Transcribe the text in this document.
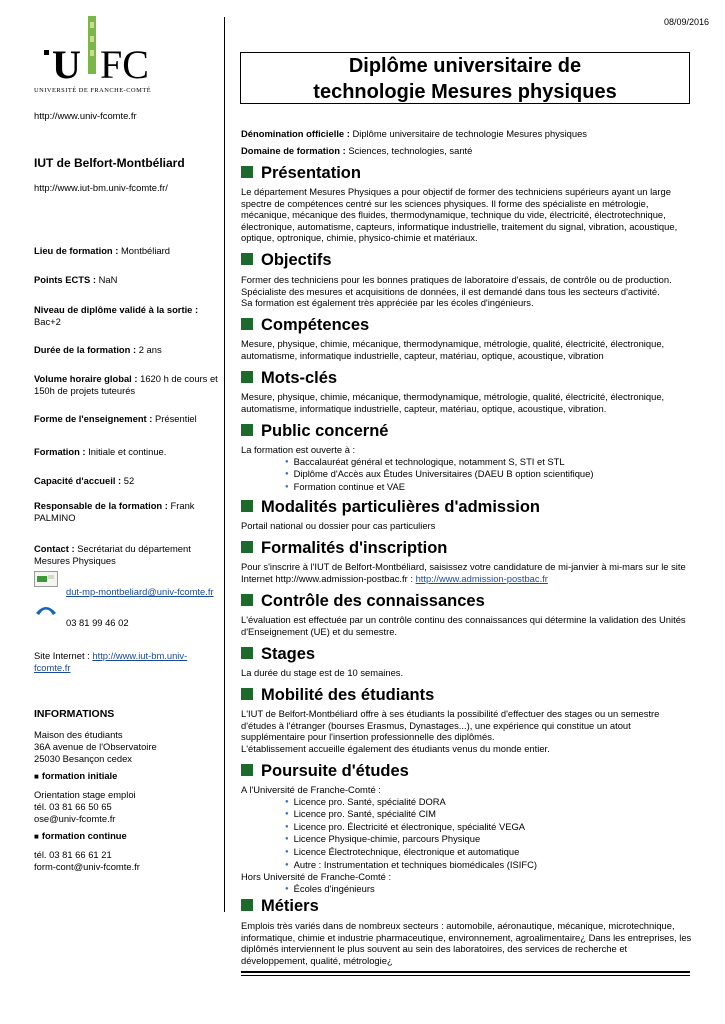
08/09/2016
U FC
UNIVERSITÉ DE FRANCHE-COMTÉ
http://www.univ-fcomte.fr
IUT de Belfort-Montbéliard
http://www.iut-bm.univ-fcomte.fr/
Lieu de formation : Montbéliard
Points ECTS : NaN
Niveau de diplôme validé à la sortie :
Bac+2
Durée de la formation : 2 ans
Volume horaire global : 1620 h de cours et 150h de projets tuteurés
Forme de l'enseignement : Présentiel
Formation : Initiale et continue.
Capacité d'accueil : 52
Responsable de la formation : Frank PALMINO
Contact : Secrétariat du département Mesures Physiques
dut-mp-montbeliard@univ-fcomte.fr
03 81 99 46 02
Site Internet : http://www.iut-bm.univ-fcomte.fr
INFORMATIONS
Maison des étudiants
36A avenue de l'Observatoire
25030 Besançon cedex
■ formation initiale
Orientation stage emploi
tél. 03 81 66 50 65
ose@univ-fcomte.fr
■ formation continue
tél. 03 81 66 61 21
form-cont@univ-fcomte.fr
Diplôme universitaire de
technologie Mesures physiques
Dénomination officielle : Diplôme universitaire de technologie Mesures physiques
Domaine de formation : Sciences, technologies, santé
Présentation
Le département Mesures Physiques a pour objectif de former des techniciens supérieurs ayant un large spectre de compétences centré sur les sciences physiques. Il forme des spécialiste en métrologie, mécanique, mécanique des fluides, thermodynamique, technique du vide, électricité, électrotechnique, électronique, automatisme, capteurs, informatique industrielle, traitement du signal, vibration, acoustique, optique, optronique, chimie, physico-chimie et matériaux.
Objectifs
Former des techniciens pour les bonnes pratiques de laboratoire d'essais, de contrôle ou de production.
Spécialiste des mesures et acquisitions de données, il est demandé dans tous les secteurs d'activité.
Sa formation est également très appréciée par les écoles d'ingénieurs.
Compétences
Mesure, physique, chimie, mécanique, thermodynamique, métrologie, qualité, électricité, électronique, automatisme, informatique industrielle, capteur, matériau, optique, acoustique, vibration
Mots-clés
Mesure, physique, chimie, mécanique, thermodynamique, métrologie, qualité, électricité, électronique, automatisme, informatique industrielle, capteur, matériau, optique, acoustique, vibration.
Public concerné
La formation est ouverte à :
● Baccalauréat général et technologique, notamment S, STI et STL
● Diplôme d'Accès aux Études Universitaires (DAEU B option scientifique)
● Formation continue et VAE
Modalités particulières d'admission
Portail national ou dossier pour cas particuliers
Formalités d'inscription
Pour s'inscrire à l'IUT de Belfort-Montbéliard, saisissez votre candidature de mi-janvier à mi-mars sur le site Internet http://www.admission-postbac.fr : http://www.admission-postbac.fr
Contrôle des connaissances
L'évaluation est effectuée par un contrôle continu des connaissances qui détermine la validation des Unités d'Enseignement (UE) et du semestre.
Stages
La durée du stage est de 10 semaines.
Mobilité des étudiants
L'IUT de Belfort-Montbéliard offre à ses étudiants la possibilité d'effectuer des stages ou un semestre d'études à l'étranger (bourses Erasmus, Dynastages...), une expérience qui constitue un atout supplémentaire pour l'insertion professionnelle des diplômés.
L'établissement accueille également des étudiants venus du monde entier.
Poursuite d'études
A l'Université de Franche-Comté :
● Licence pro. Santé, spécialité DORA
● Licence pro. Santé, spécialité CIM
● Licence pro. Électricité et électronique, spécialité VEGA
● Licence Physique-chimie, parcours Physique
● Licence Électrotechnique, électronique et automatique
● Autre : Instrumentation et techniques biomédicales (ISIFC)
Hors Université de Franche-Comté :
● Écoles d'ingénieurs
Métiers
Emplois très variés dans de nombreux secteurs : automobile, aéronautique, mécanique, microtechnique, informatique, chimie et industrie pharmaceutique, environnement, agroalimentaire¿ Dans les entreprises, les diplômés interviennent le plus souvent au sein des laboratoires, des services de recherche et développement, qualité, métrologie¿
